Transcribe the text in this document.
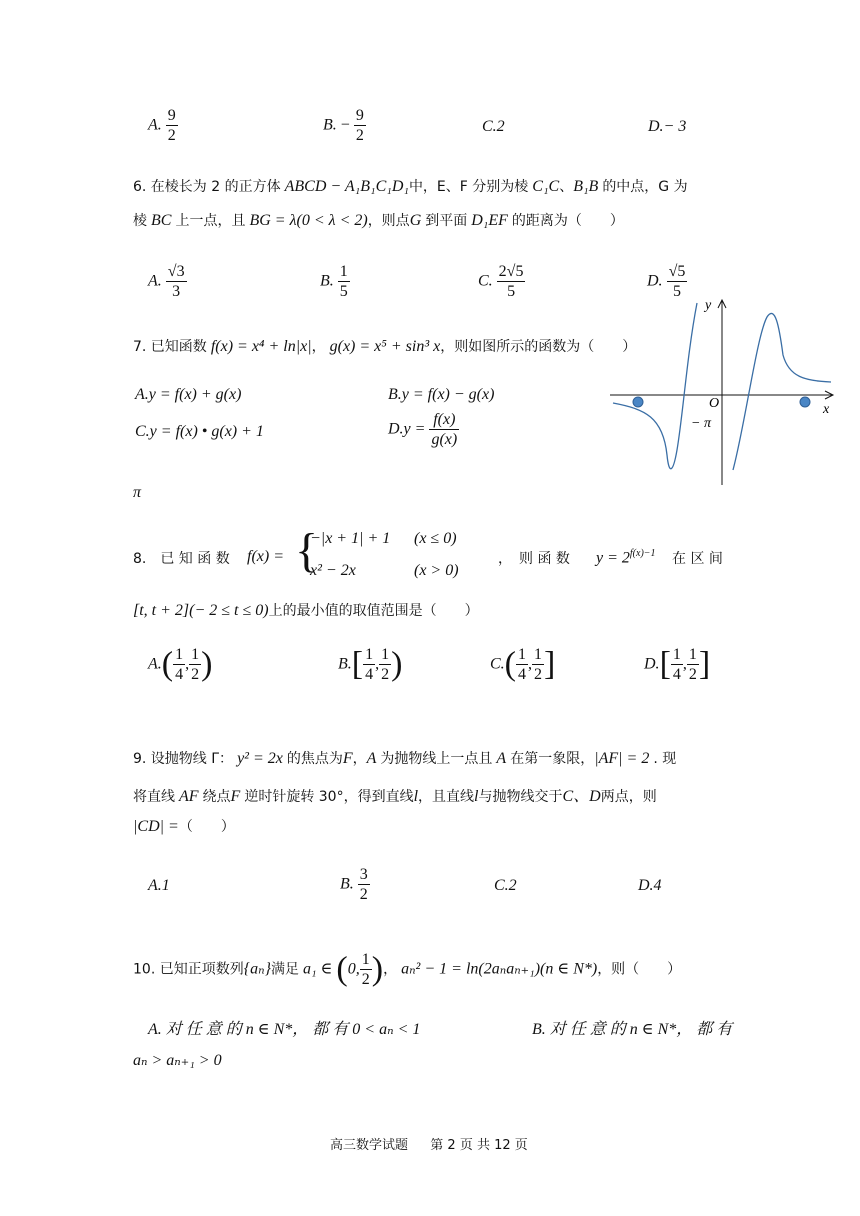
A. $\frac{9}{2}$	B. − $\frac{9}{2}$	C.2	D.− 3
6. 在棱长为 2 的正方体 ABCD − A₁B₁C₁D₁中，E、F 分别为棱 C₁C、B₁B 的中点，G 为
棱 BC 上一点，且 BG = λ(0 < λ < 2)，则点G 到平面 D₁EF 的距离为（　　）
A. $\frac{√3}{3}$	B. $\frac{1}{5}$	C. $\frac{2√5}{5}$	D. $\frac{√5}{5}$
7. 已知函数 f(x) = x⁴ + ln|x|， g(x) = x⁵ + sin³ x，则如图所示的函数为（　　）
A.y = f(x) + g(x)	B.y = f(x) − g(x)
C.y = f(x) • g(x) + 1	$D.y = \frac{f(x)}{g(x)}$
π
y
x
O
− π
8.　已 知 函 数 f(x) = {
−|x + 1| + 1 (x ≤ 0)
x² − 2x	(x > 0)
，　则 函 数 $y = 2^{f(x)-1}$ 在 区 间
[t, t + 2](− 2 ≤ t ≤ 0)上的最小值的取值范围是（　　）
$A.( \frac{1}{4}$ , $\frac{1}{2}$ )	$B.[ \frac{1}{4}$ , $\frac{1}{2}$ )	$C.( \frac{1}{4}$ , $\frac{1}{2}$ ]	$D.[ \frac{1}{4}$ , $\frac{1}{2}$ ]
9. 设抛物线 Γ： y² = 2x 的焦点为F，A 为抛物线上一点且 A 在第一象限，|AF| = 2 . 现
将直线 AF 绕点F 逆时针旋转 30°，得到直线l，且直线l与抛物线交于C、D两点，则
|CD| =（　　）
A.1	B. $\frac{3}{2}$	C.2	D.4
10. 已知正项数列{aₙ}满足 a₁ ∈ (0, $\frac{1}{2}$ )， aₙ² − 1 = ln(2aₙaₙ₊₁)(n ∈ N*)，则（　　）
A. 对 任 意 的 n ∈ N*， 都 有 0 < aₙ < 1	B. 对 任 意 的 n ∈ N*， 都 有
aₙ > aₙ₊₁ > 0
高三数学试题 第 2 页 共 12 页
